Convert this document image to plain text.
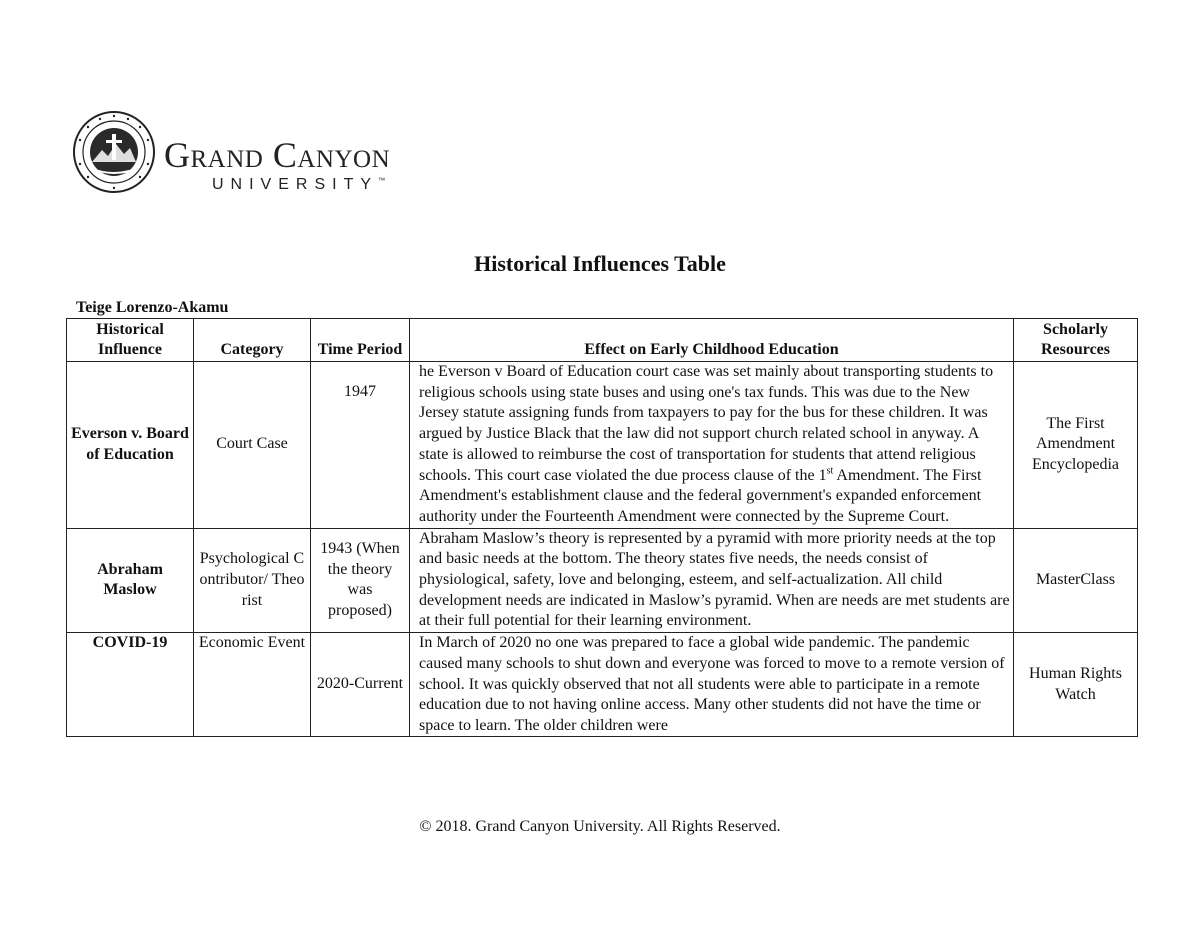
Grand Canyon
UNIVERSITY™
Historical Influences Table
Teige Lorenzo-Akamu
Historical Influence	Category	Time Period	Effect on Early Childhood Education	Scholarly Resources
Everson v. Board of Education	Court Case	1947	he Everson v Board of Education court case was set mainly about transporting students to religious schools using state buses and using one's tax funds. This was due to the New Jersey statute assigning funds from taxpayers to pay for the bus for these children. It was argued by Justice Black that the law did not support church related school in anyway. A state is allowed to reimburse the cost of transportation for students that attend religious schools. This court case violated the due process clause of the 1st Amendment. The First Amendment's establishment clause and the federal government's expanded enforcement authority under the Fourteenth Amendment were connected by the Supreme Court.	The First Amendment Encyclopedia
Abraham Maslow	Psychological Contributor/ Theorist	1943 (When the theory was proposed)	Abraham Maslow’s theory is represented by a pyramid with more priority needs at the top and basic needs at the bottom. The theory states five needs, the needs consist of physiological, safety, love and belonging, esteem, and self-actualization. All child development needs are indicated in Maslow’s pyramid. When are needs are met students are at their full potential for their learning environment.	MasterClass
COVID-19	Economic Event	2020-Current	In March of 2020 no one was prepared to face a global wide pandemic. The pandemic caused many schools to shut down and everyone was forced to move to a remote version of school. It was quickly observed that not all students were able to participate in a remote education due to not having online access. Many other students did not have the time or space to learn. The older children were	Human Rights Watch
© 2018. Grand Canyon University. All Rights Reserved.
